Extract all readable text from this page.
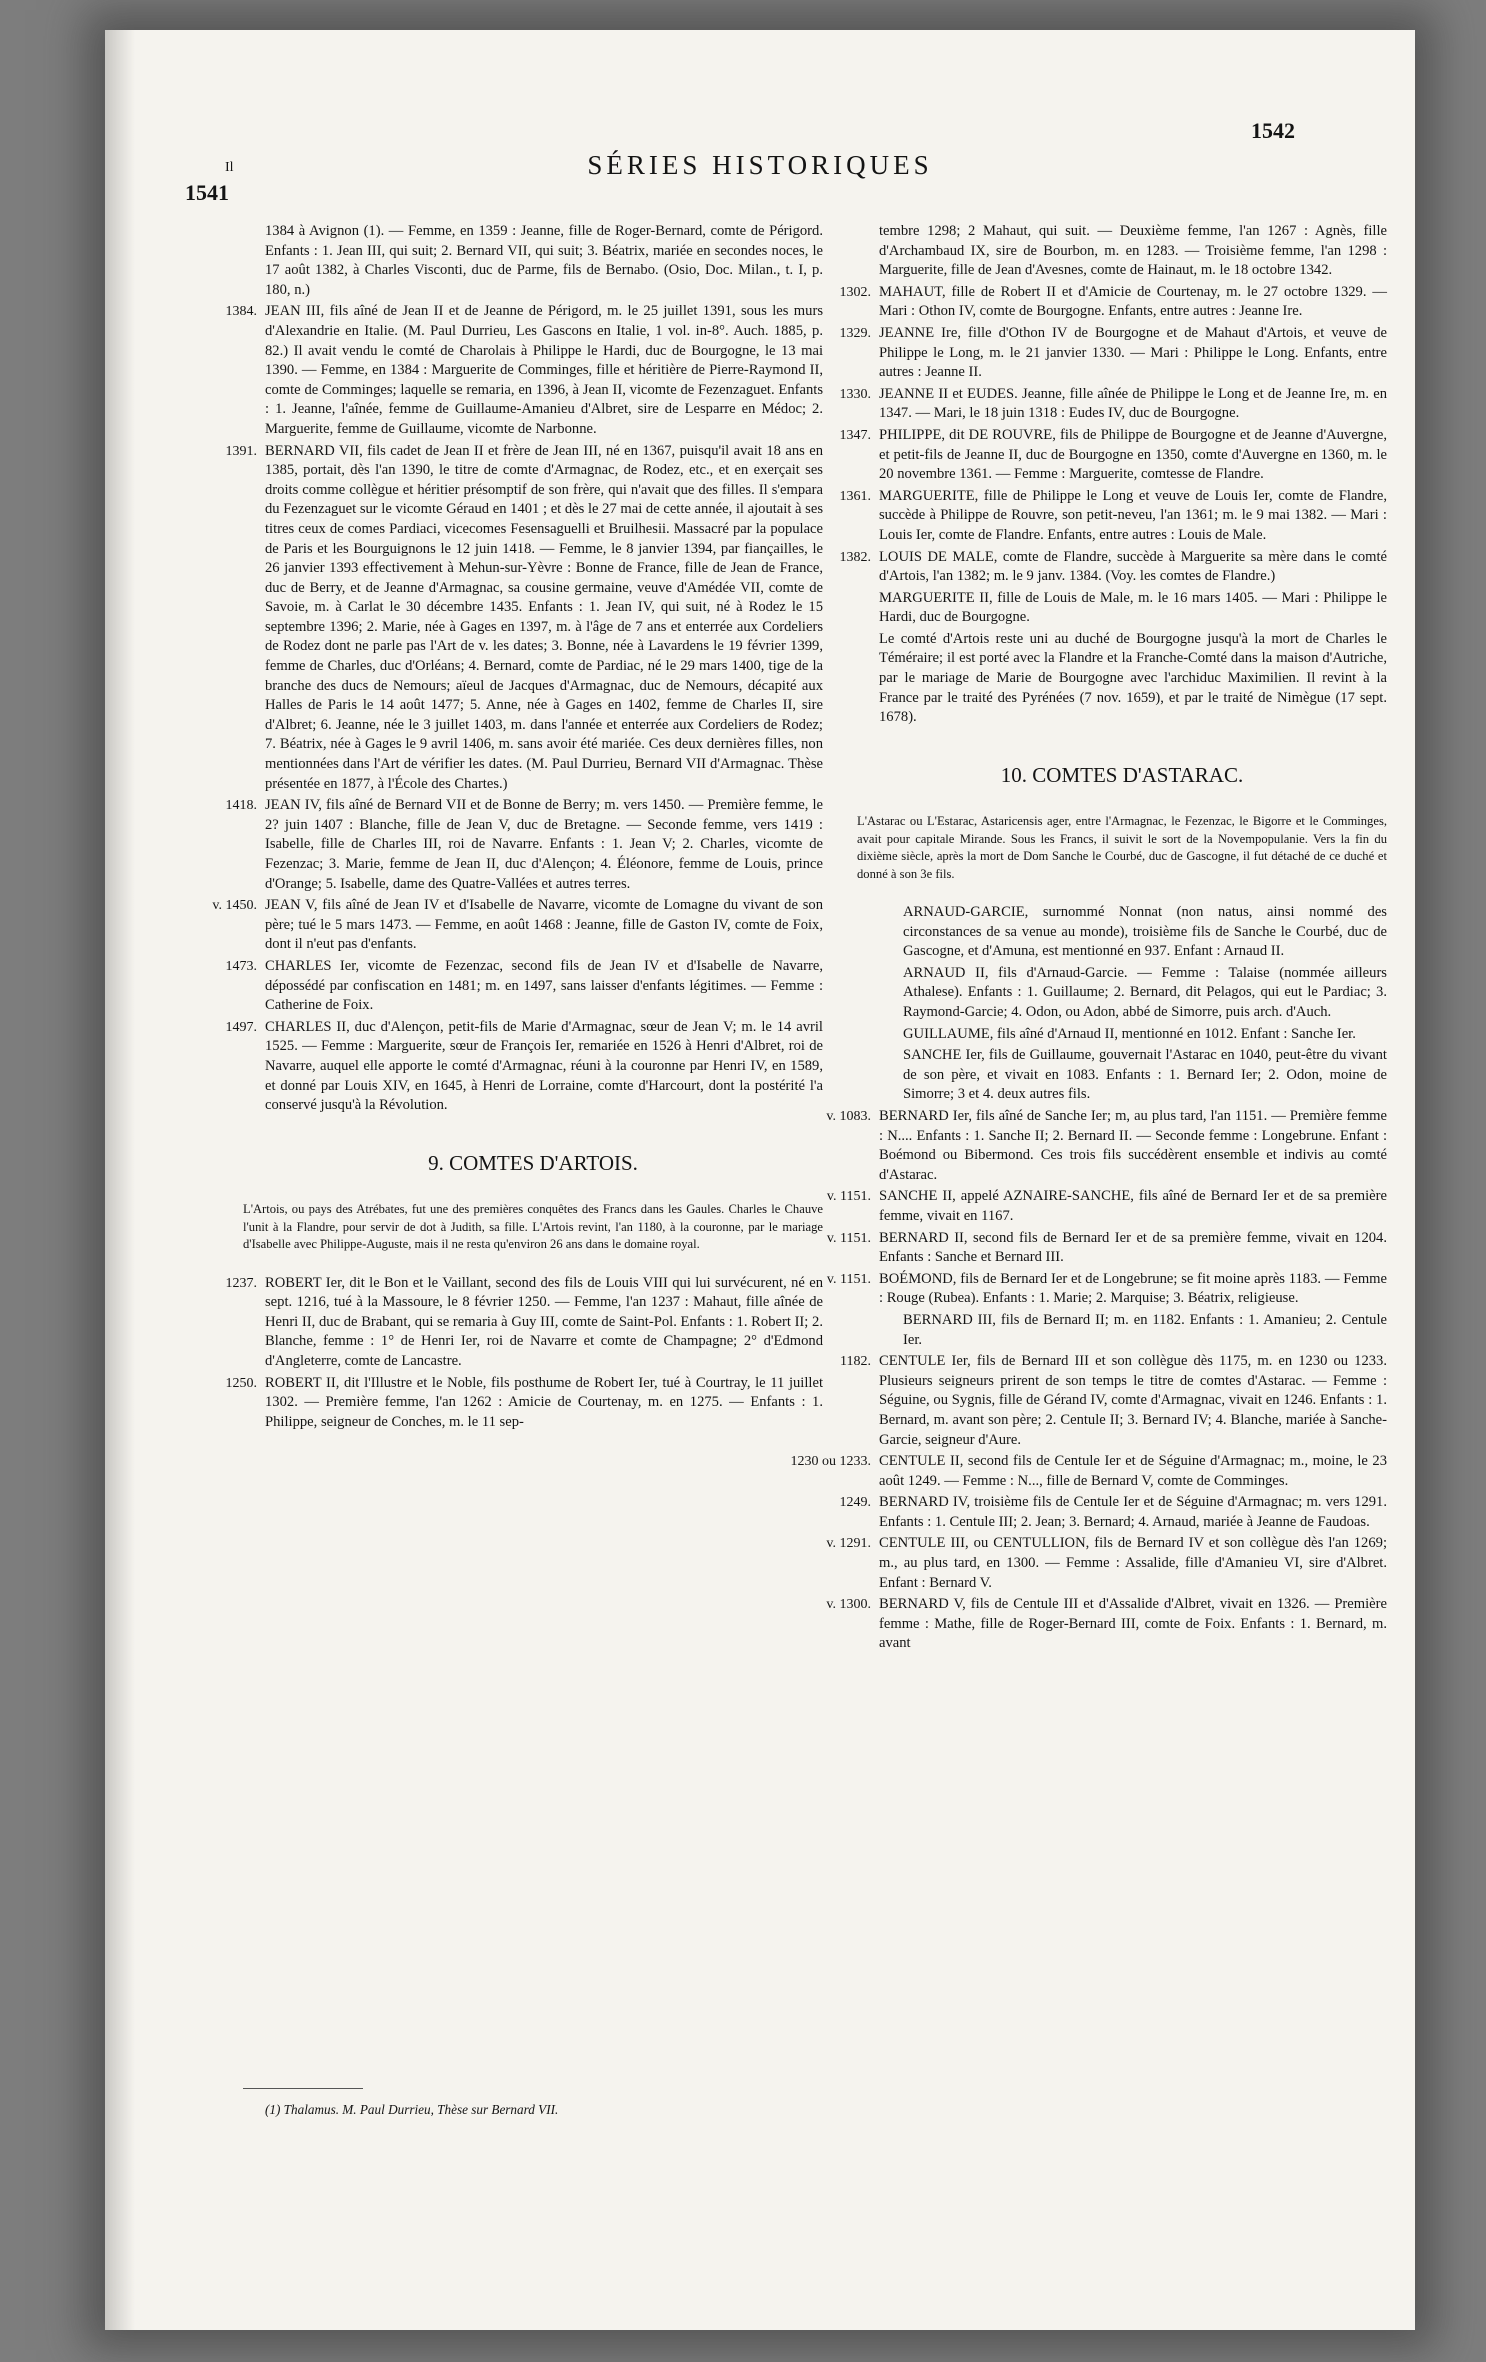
1541
Il	SÉRIES HISTORIQUES
1542

1384 à Avignon (1). — Femme, en 1359 : Jeanne, fille de Roger-Bernard, comte de Périgord. Enfants : 1. Jean III, qui suit; 2. Bernard VII, qui suit; 3. Béatrix, mariée en secondes noces, le 17 août 1382, à Charles Visconti, duc de Parme, fils de Bernabo. (Osio, Doc. Milan., t. I, p. 180, n.)

1384. JEAN III, fils aîné de Jean II et de Jeanne de Périgord, m. le 25 juillet 1391, sous les murs d'Alexandrie en Italie. (M. Paul Durrieu, Les Gascons en Italie, 1 vol. in-8°. Auch. 1885, p. 82.) Il avait vendu le comté de Charolais à Philippe le Hardi, duc de Bourgogne, le 13 mai 1390. — Femme, en 1384 : Marguerite de Comminges, fille et héritière de Pierre-Raymond II, comte de Comminges; laquelle se remaria, en 1396, à Jean II, vicomte de Fezenzaguet. Enfants : 1. Jeanne, l'aînée, femme de Guillaume-Amanieu d'Albret, sire de Lesparre en Médoc; 2. Marguerite, femme de Guillaume, vicomte de Narbonne.

1391. BERNARD VII, fils cadet de Jean II et frère de Jean III, né en 1367, puisqu'il avait 18 ans en 1385, portait, dès l'an 1390, le titre de comte d'Armagnac, de Rodez, etc., et en exerçait ses droits comme collègue et héritier présomptif de son frère, qui n'avait que des filles. Il s'empara du Fezenzaguet sur le vicomte Géraud en 1401 ; et dès le 27 mai de cette année, il ajoutait à ses titres ceux de comes Pardiaci, vicecomes Fesensaguelli et Bruilhesii. Massacré par la populace de Paris et les Bourguignons le 12 juin 1418. — Femme, le 8 janvier 1394, par fiançailles, le 26 janvier 1393 effectivement à Mehun-sur-Yèvre : Bonne de France, fille de Jean de France, duc de Berry, et de Jeanne d'Armagnac, sa cousine germaine, veuve d'Amédée VII, comte de Savoie, m. à Carlat le 30 décembre 1435. Enfants : 1. Jean IV, qui suit, né à Rodez le 15 septembre 1396; 2. Marie, née à Gages en 1397, m. à l'âge de 7 ans et enterrée aux Cordeliers de Rodez dont ne parle pas l'Art de v. les dates; 3. Bonne, née à Lavardens le 19 février 1399, femme de Charles, duc d'Orléans; 4. Bernard, comte de Pardiac, né le 29 mars 1400, tige de la branche des ducs de Nemours; aïeul de Jacques d'Armagnac, duc de Nemours, décapité aux Halles de Paris le 14 août 1477; 5. Anne, née à Gages en 1402, femme de Charles II, sire d'Albret; 6. Jeanne, née le 3 juillet 1403, m. dans l'année et enterrée aux Cordeliers de Rodez; 7. Béatrix, née à Gages le 9 avril 1406, m. sans avoir été mariée. Ces deux dernières filles, non mentionnées dans l'Art de vérifier les dates. (M. Paul Durrieu, Bernard VII d'Armagnac. Thèse présentée en 1877, à l'École des Chartes.)

1418. JEAN IV, fils aîné de Bernard VII et de Bonne de Berry; m. vers 1450. — Première femme, le 2? juin 1407 : Blanche, fille de Jean V, duc de Bretagne. — Seconde femme, vers 1419 : Isabelle, fille de Charles III, roi de Navarre. Enfants : 1. Jean V; 2. Charles, vicomte de Fezenzac; 3. Marie, femme de Jean II, duc d'Alençon; 4. Éléonore, femme de Louis, prince d'Orange; 5. Isabelle, dame des Quatre-Vallées et autres terres.

v. 1450. JEAN V, fils aîné de Jean IV et d'Isabelle de Navarre, vicomte de Lomagne du vivant de son père; tué le 5 mars 1473. — Femme, en août 1468 : Jeanne, fille de Gaston IV, comte de Foix, dont il n'eut pas d'enfants.

1473. CHARLES Ier, vicomte de Fezenzac, second fils de Jean IV et d'Isabelle de Navarre, dépossédé par confiscation en 1481; m. en 1497, sans laisser d'enfants légitimes. — Femme : Catherine de Foix.

1497. CHARLES II, duc d'Alençon, petit-fils de Marie d'Armagnac, sœur de Jean V; m. le 14 avril 1525. — Femme : Marguerite, sœur de François Ier, remariée en 1526 à Henri d'Albret, roi de Navarre, auquel elle apporte le comté d'Armagnac, réuni à la couronne par Henri IV, en 1589, et donné par Louis XIV, en 1645, à Henri de Lorraine, comte d'Harcourt, dont la postérité l'a conservé jusqu'à la Révolution.

9. COMTES D'ARTOIS.

L'Artois, ou pays des Atrébates, fut une des premières conquêtes des Francs dans les Gaules. Charles le Chauve l'unit à la Flandre, pour servir de dot à Judith, sa fille. L'Artois revint, l'an 1180, à la couronne, par le mariage d'Isabelle avec Philippe-Auguste, mais il ne resta qu'environ 26 ans dans le domaine royal.

1237. ROBERT Ier, dit le Bon et le Vaillant, second des fils de Louis VIII qui lui survécurent, né en sept. 1216, tué à la Massoure, le 8 février 1250. — Femme, l'an 1237 : Mahaut, fille aînée de Henri II, duc de Brabant, qui se remaria à Guy III, comte de Saint-Pol. Enfants : 1. Robert II; 2. Blanche, femme : 1° de Henri Ier, roi de Navarre et comte de Champagne; 2° d'Edmond d'Angleterre, comte de Lancastre.

1250. ROBERT II, dit l'Illustre et le Noble, fils posthume de Robert Ier, tué à Courtray, le 11 juillet 1302. — Première femme, l'an 1262 : Amicie de Courtenay, m. en 1275. — Enfants : 1. Philippe, seigneur de Conches, m. le 11 sep-

tembre 1298; 2 Mahaut, qui suit. — Deuxième femme, l'an 1267 : Agnès, fille d'Archambaud IX, sire de Bourbon, m. en 1283. — Troisième femme, l'an 1298 : Marguerite, fille de Jean d'Avesnes, comte de Hainaut, m. le 18 octobre 1342.

1302. MAHAUT, fille de Robert II et d'Amicie de Courtenay, m. le 27 octobre 1329. — Mari : Othon IV, comte de Bourgogne. Enfants, entre autres : Jeanne Ire.

1329. JEANNE Ire, fille d'Othon IV de Bourgogne et de Mahaut d'Artois, et veuve de Philippe le Long, m. le 21 janvier 1330. — Mari : Philippe le Long. Enfants, entre autres : Jeanne II.

1330. JEANNE II et EUDES. Jeanne, fille aînée de Philippe le Long et de Jeanne Ire, m. en 1347. — Mari, le 18 juin 1318 : Eudes IV, duc de Bourgogne.

1347. PHILIPPE, dit DE ROUVRE, fils de Philippe de Bourgogne et de Jeanne d'Auvergne, et petit-fils de Jeanne II, duc de Bourgogne en 1350, comte d'Auvergne en 1360, m. le 20 novembre 1361. — Femme : Marguerite, comtesse de Flandre.

1361. MARGUERITE, fille de Philippe le Long et veuve de Louis Ier, comte de Flandre, succède à Philippe de Rouvre, son petit-neveu, l'an 1361; m. le 9 mai 1382. — Mari : Louis Ier, comte de Flandre. Enfants, entre autres : Louis de Male.

1382. LOUIS DE MALE, comte de Flandre, succède à Marguerite sa mère dans le comté d'Artois, l'an 1382; m. le 9 janv. 1384. (Voy. les comtes de Flandre.)

MARGUERITE II, fille de Louis de Male, m. le 16 mars 1405. — Mari : Philippe le Hardi, duc de Bourgogne.

Le comté d'Artois reste uni au duché de Bourgogne jusqu'à la mort de Charles le Téméraire; il est porté avec la Flandre et la Franche-Comté dans la maison d'Autriche, par le mariage de Marie de Bourgogne avec l'archiduc Maximilien. Il revint à la France par le traité des Pyrénées (7 nov. 1659), et par le traité de Nimègue (17 sept. 1678).

10. COMTES D'ASTARAC.

L'Astarac ou L'Estarac, Astaricensis ager, entre l'Armagnac, le Fezenzac, le Bigorre et le Comminges, avait pour capitale Mirande. Sous les Francs, il suivit le sort de la Novempopulanie. Vers la fin du dixième siècle, après la mort de Dom Sanche le Courbé, duc de Gascogne, il fut détaché de ce duché et donné à son 3e fils.

ARNAUD-GARCIE, surnommé Nonnat (non natus, ainsi nommé des circonstances de sa venue au monde), troisième fils de Sanche le Courbé, duc de Gascogne, et d'Amuna, est mentionné en 937. Enfant : Arnaud II.

ARNAUD II, fils d'Arnaud-Garcie. — Femme : Talaise (nommée ailleurs Athalese). Enfants : 1. Guillaume; 2. Bernard, dit Pelagos, qui eut le Pardiac; 3. Raymond-Garcie; 4. Odon, ou Adon, abbé de Simorre, puis arch. d'Auch.

GUILLAUME, fils aîné d'Arnaud II, mentionné en 1012. Enfant : Sanche Ier.

SANCHE Ier, fils de Guillaume, gouvernait l'Astarac en 1040, peut-être du vivant de son père, et vivait en 1083. Enfants : 1. Bernard Ier; 2. Odon, moine de Simorre; 3 et 4. deux autres fils.

v. 1083. BERNARD Ier, fils aîné de Sanche Ier; m, au plus tard, l'an 1151. — Première femme : N.... Enfants : 1. Sanche II; 2. Bernard II. — Seconde femme : Longebrune. Enfant : Boémond ou Bibermond. Ces trois fils succédèrent ensemble et indivis au comté d'Astarac.

v. 1151. SANCHE II, appelé AZNAIRE-SANCHE, fils aîné de Bernard Ier et de sa première femme, vivait en 1167.

v. 1151. BERNARD II, second fils de Bernard Ier et de sa première femme, vivait en 1204. Enfants : Sanche et Bernard III.

v. 1151. BOÉMOND, fils de Bernard Ier et de Longebrune; se fit moine après 1183. — Femme : Rouge (Rubea). Enfants : 1. Marie; 2. Marquise; 3. Béatrix, religieuse.

BERNARD III, fils de Bernard II; m. en 1182. Enfants : 1. Amanieu; 2. Centule Ier.

1182. CENTULE Ier, fils de Bernard III et son collègue dès 1175, m. en 1230 ou 1233. Plusieurs seigneurs prirent de son temps le titre de comtes d'Astarac. — Femme : Séguine, ou Sygnis, fille de Gérand IV, comte d'Armagnac, vivait en 1246. Enfants : 1. Bernard, m. avant son père; 2. Centule II; 3. Bernard IV; 4. Blanche, mariée à Sanche-Garcie, seigneur d'Aure.

1230 ou 1233. CENTULE II, second fils de Centule Ier et de Séguine d'Armagnac; m., moine, le 23 août 1249. — Femme : N..., fille de Bernard V, comte de Comminges.

1249. BERNARD IV, troisième fils de Centule Ier et de Séguine d'Armagnac; m. vers 1291. Enfants : 1. Centule III; 2. Jean; 3. Bernard; 4. Arnaud, mariée à Jeanne de Faudoas.

v. 1291. CENTULE III, ou CENTULLION, fils de Bernard IV et son collègue dès l'an 1269; m., au plus tard, en 1300. — Femme : Assalide, fille d'Amanieu VI, sire d'Albret. Enfant : Bernard V.

v. 1300. BERNARD V, fils de Centule III et d'Assalide d'Albret, vivait en 1326. — Première femme : Mathe, fille de Roger-Bernard III, comte de Foix. Enfants : 1. Bernard, m. avant

(1) Thalamus. M. Paul Durrieu, Thèse sur Bernard VII.
